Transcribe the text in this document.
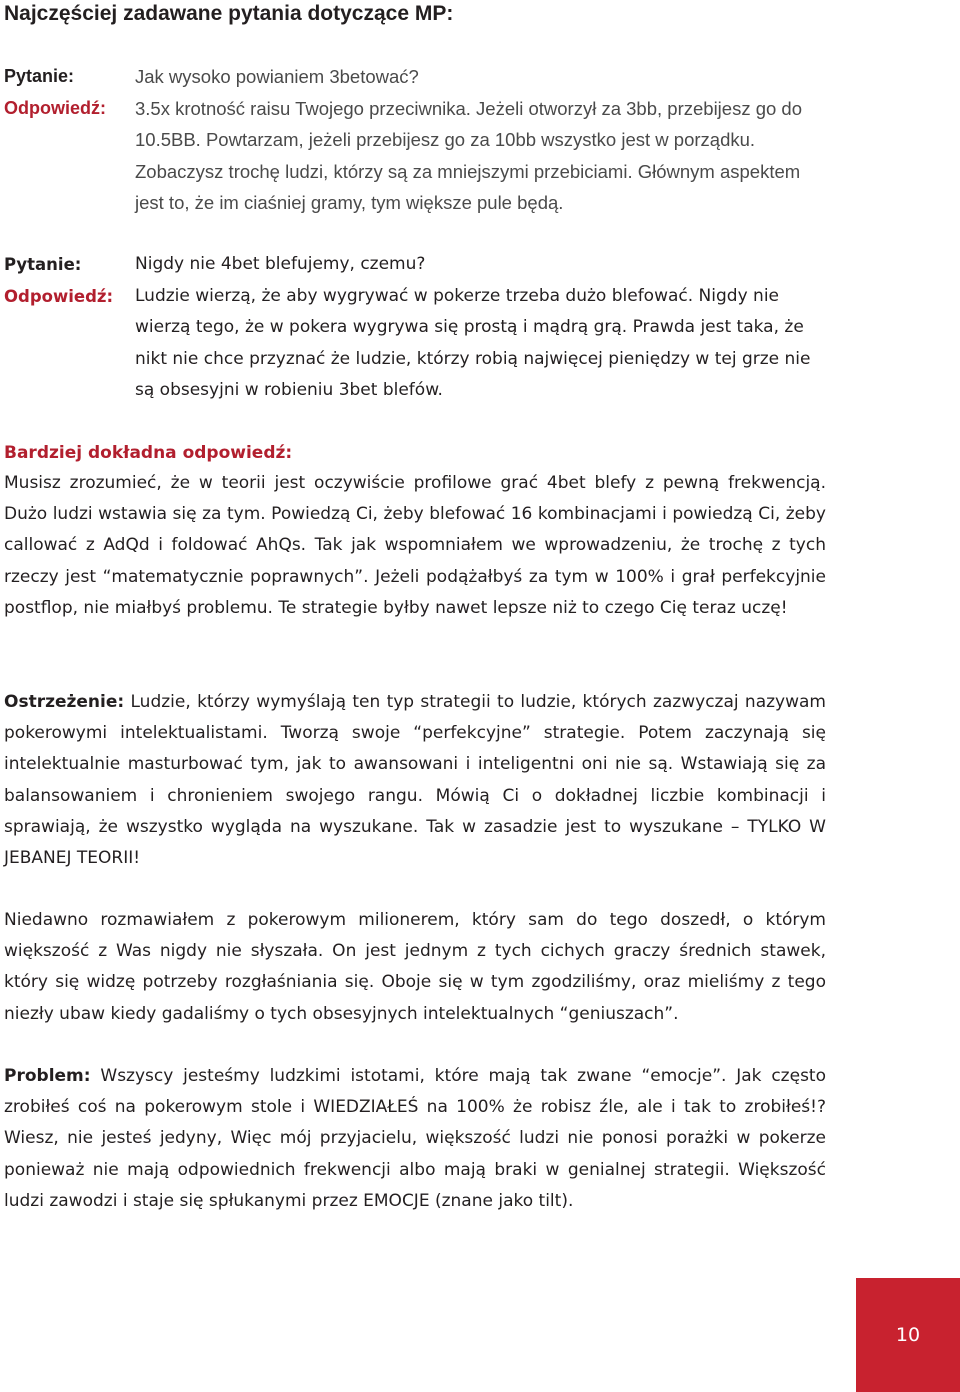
Najczęściej zadawane pytania dotyczące MP:
Pytanie:	Jak wysoko powianiem 3betować?

Odpowiedź:	3.5x krotność raisu Twojego przeciwnika. Jeżeli otworzył za 3bb, przebijesz go do 10.5BB. Powtarzam, jeżeli przebijesz go za 10bb wszystko jest w porządku. Zobaczysz trochę ludzi, którzy są za mniejszymi przebiciami. Głównym aspektem jest to, że im ciaśniej gramy, tym większe pule będą.

Pytanie:	Nigdy nie 4bet blefujemy, czemu?

Odpowiedź:	Ludzie wierzą, że aby wygrywać w pokerze trzeba dużo blefować. Nigdy nie wierzą tego, że w pokera wygrywa się prostą i mądrą grą. Prawda jest taka, że nikt nie chce przyznać że ludzie, którzy robią najwięcej pieniędzy w tej grze nie są obsesyjni w robieniu 3bet blefów.

Bardziej dokładna odpowiedź:

Musisz zrozumieć, że w teorii jest oczywiście profilowe grać 4bet blefy z pewną frekwencją. Dużo ludzi wstawia się za tym. Powiedzą Ci, żeby blefować 16 kombinacjami i powiedzą Ci, żeby callować z AdQd i foldować AhQs. Tak jak wspomniałem we wprowadzeniu, że trochę z tych rzeczy jest “matematycznie poprawnych”. Jeżeli podążałbyś za tym w 100% i grał perfekcyjnie postflop, nie miałbyś problemu. Te strategie byłby nawet lepsze niż to czego Cię teraz uczę!

Ostrzeżenie: Ludzie, którzy wymyślają ten typ strategii to ludzie, których zazwyczaj nazywam pokerowymi intelektualistami. Tworzą swoje “perfekcyjne” strategie. Potem zaczynają się intelektualnie masturbować tym, jak to awansowani i inteligentni oni nie są. Wstawiają się za balansowaniem i chronieniem swojego rangu. Mówią Ci o dokładnej liczbie kombinacji i sprawiają, że wszystko wygląda na wyszukane. Tak w zasadzie jest to wyszukane – TYLKO W JEBANEJ TEORII!

Niedawno rozmawiałem z pokerowym milionerem, który sam do tego doszedł, o którym większość z Was nigdy nie słyszała. On jest jednym z tych cichych graczy średnich stawek, który się widzę potrzeby rozgłaśniania się. Oboje się w tym zgodziliśmy, oraz mieliśmy z tego niezły ubaw kiedy gadaliśmy o tych obsesyjnych intelektualnych “geniuszach”.

Problem: Wszyscy jesteśmy ludzkimi istotami, które mają tak zwane “emocje”. Jak często zrobiłeś coś na pokerowym stole i WIEDZIAŁEŚ na 100% że robisz źle, ale i tak to zrobiłeś!? Wiesz, nie jesteś jedyny, Więc mój przyjacielu, większość ludzi nie ponosi porażki w pokerze ponieważ nie mają odpowiednich frekwencji albo mają braki w genialnej strategii. Większość ludzi zawodzi i staje się spłukanymi przez EMOCJE (znane jako tilt).

10
